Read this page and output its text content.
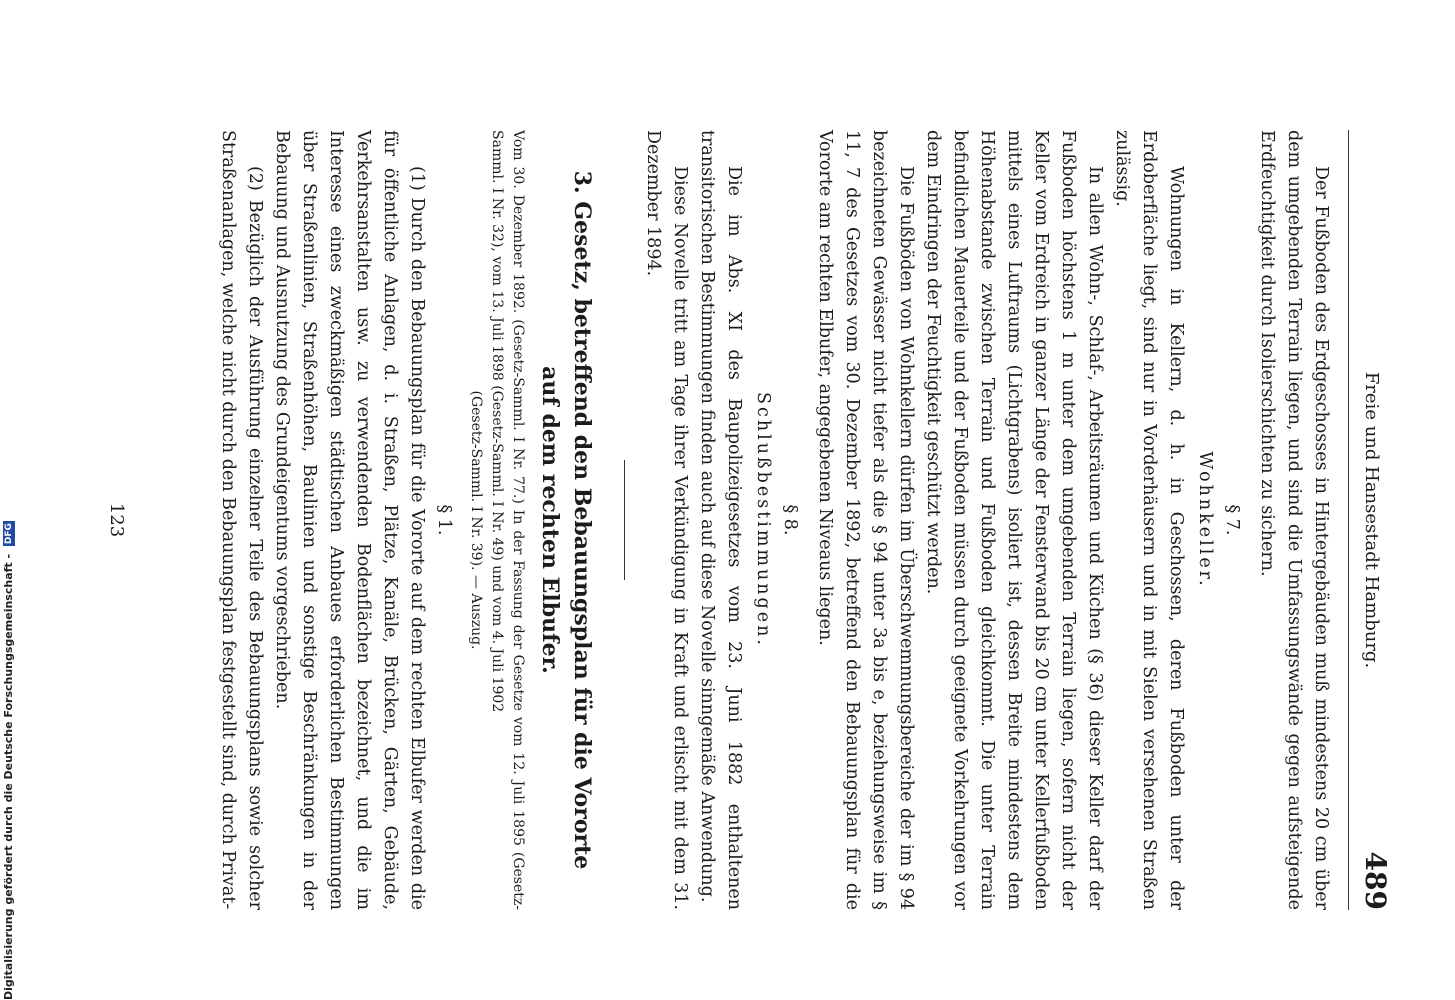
Freie und Hansestadt Hamburg.
489

Der Fußboden des Erdgeschosses in Hintergebäuden muß mindestens 20 cm über dem umgebenden Terrain liegen, und sind die Umfassungswände gegen aufsteigende Erdfeuchtigkeit durch Isolierschichten zu sichern.

§ 7.
Wohnkeller.

Wohnungen in Kellern, d. h. in Geschossen, deren Fußboden unter der Erdoberfläche liegt, sind nur in Vorderhäusern und in mit Sielen versehenen Straßen zulässig.

In allen Wohn-, Schlaf-, Arbeitsräumen und Küchen (§ 36) dieser Keller darf der Fußboden höchstens 1 m unter dem umgebenden Terrain liegen, sofern nicht der Keller vom Erdreich in ganzer Länge der Fensterwand bis 20 cm unter Kellerfußboden mittels eines Luftraums (Lichtgrabens) isoliert ist, dessen Breite mindestens dem Höhenabstande zwischen Terrain und Fußboden gleichkommt. Die unter Terrain befindlichen Mauerteile und der Fußboden müssen durch geeignete Vorkehrungen vor dem Eindringen der Feuchtigkeit geschützt werden.

Die Fußböden von Wohnkellern dürfen im Überschwemmungsbereiche der im § 94 bezeichneten Gewässer nicht tiefer als die § 94 unter 3a bis e, beziehungsweise im § 11, 7 des Gesetzes vom 30. Dezember 1892, betreffend den Bebauungsplan für die Vororte am rechten Elbufer, angegebenen Niveaus liegen.

§ 8.
Schlußbestimmungen.

Die im Abs. XI des Baupolizeigesetzes vom 23. Juni 1882 enthaltenen transitorischen Bestimmungen finden auch auf diese Novelle sinngemäße Anwendung.

Diese Novelle tritt am Tage ihrer Verkündigung in Kraft und erlischt mit dem 31. Dezember 1894.

3. Gesetz, betreffend den Bebauungsplan für die Vororte
auf dem rechten Elbufer.

Vom 30. Dezember 1892. (Gesetz-Samml. I Nr. 77.) In der Fassung der Gesetze vom 12. Juli 1895 (Gesetz-Samml. I Nr. 32), vom 13. Juli 1898 (Gesetz-Samml. I Nr. 49) und vom 4. Juli 1902

(Gesetz-Samml. I Nr. 39). — Auszug.

§ 1.

(1) Durch den Bebauungsplan für die Vororte auf dem rechten Elbufer werden die für öffentliche Anlagen, d. i. Straßen, Plätze, Kanäle, Brücken, Gärten, Gebäude, Verkehrsanstalten usw. zu verwendenden Bodenflächen bezeichnet, und die im Interesse eines zweckmäßigen städtischen Anbaues erforderlichen Bestimmungen über Straßenlinien, Straßenhöhen, Baulinien und sonstige Beschränkungen in der Bebauung und Ausnutzung des Grundeigentums vorgeschrieben.

(2) Bezüglich der Ausführung einzelner Teile des Bebauungsplans sowie solcher Straßenanlagen, welche nicht durch den Bebauungsplan festgestellt sind, durch Privat-

123
Digitalisierung gefördert durch die Deutsche Forschungsgemeinschaft - DFG
